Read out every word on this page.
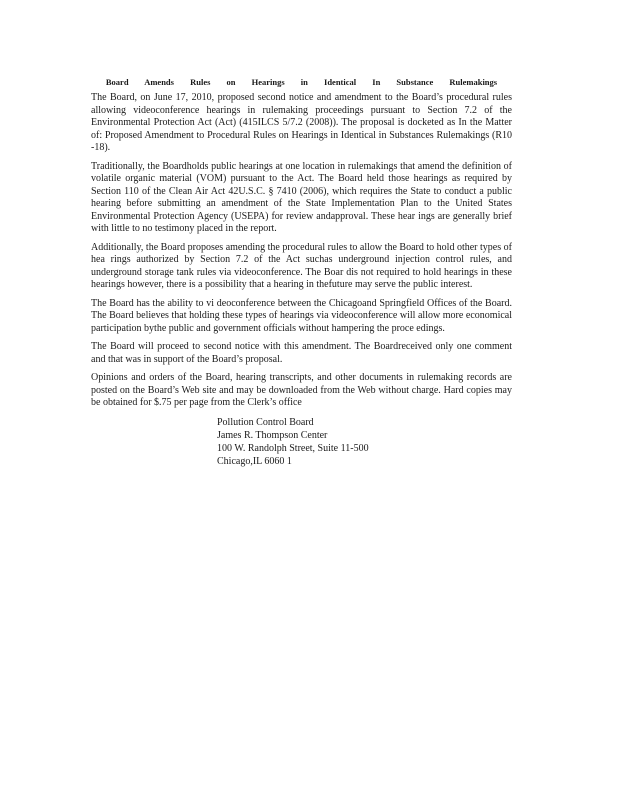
Board Amends Rules on Hearings in Identical In Substance Rulemakings

The Board, on June 17, 2010, proposed second notice and amendment to the Board’s procedural rules allowing videoconference hearings in rulemaking proceedings pursuant to Section 7.2 of the Environmental Protection Act (Act) (415ILCS 5/7.2 (2008)). The proposal is docketed as In the Matter of: Proposed Amendment to Procedural Rules on Hearings in Identical in Substances Rulemakings (R10 -18).

Traditionally, the Boardholds public hearings at one location in rulemakings that amend the definition of volatile organic material (VOM) pursuant to the Act. The Board held those hearings as required by Section 110 of the Clean Air Act 42U.S.C. § 7410 (2006), which requires the State to conduct a public hearing before submitting an amendment of the State Implementation Plan to the United States Environmental Protection Agency (USEPA) for review andapproval. These hear ings are generally brief with little to no testimony placed in the report.

Additionally, the Board proposes amending the procedural rules to allow the Board to hold other types of hea rings authorized by Section 7.2 of the Act suchas underground injection control rules, and underground storage tank rules via videoconference. The Boar dis not required to hold hearings in these hearings however, there is a possibility that a hearing in thefuture may serve the public interest.

The Board has the ability to vi deoconference between the Chicagoand Springfield Offices of the Board. The Board believes that holding these types of hearings via videoconference will allow more economical participation bythe public and government officials without hampering the proce edings.

The Board will proceed to second notice with this amendment. The Boardreceived only one comment and that was in support of the Board’s proposal.

Opinions and orders of the Board, hearing transcripts, and other documents in rulemaking records are posted on the Board’s Web site and may be downloaded from the Web without charge. Hard copies may be obtained for $.75 per page from the Clerk’s office

Pollution Control Board
James R. Thompson Center
100 W. Randolph Street, Suite 11-500
Chicago,IL 6060 1
